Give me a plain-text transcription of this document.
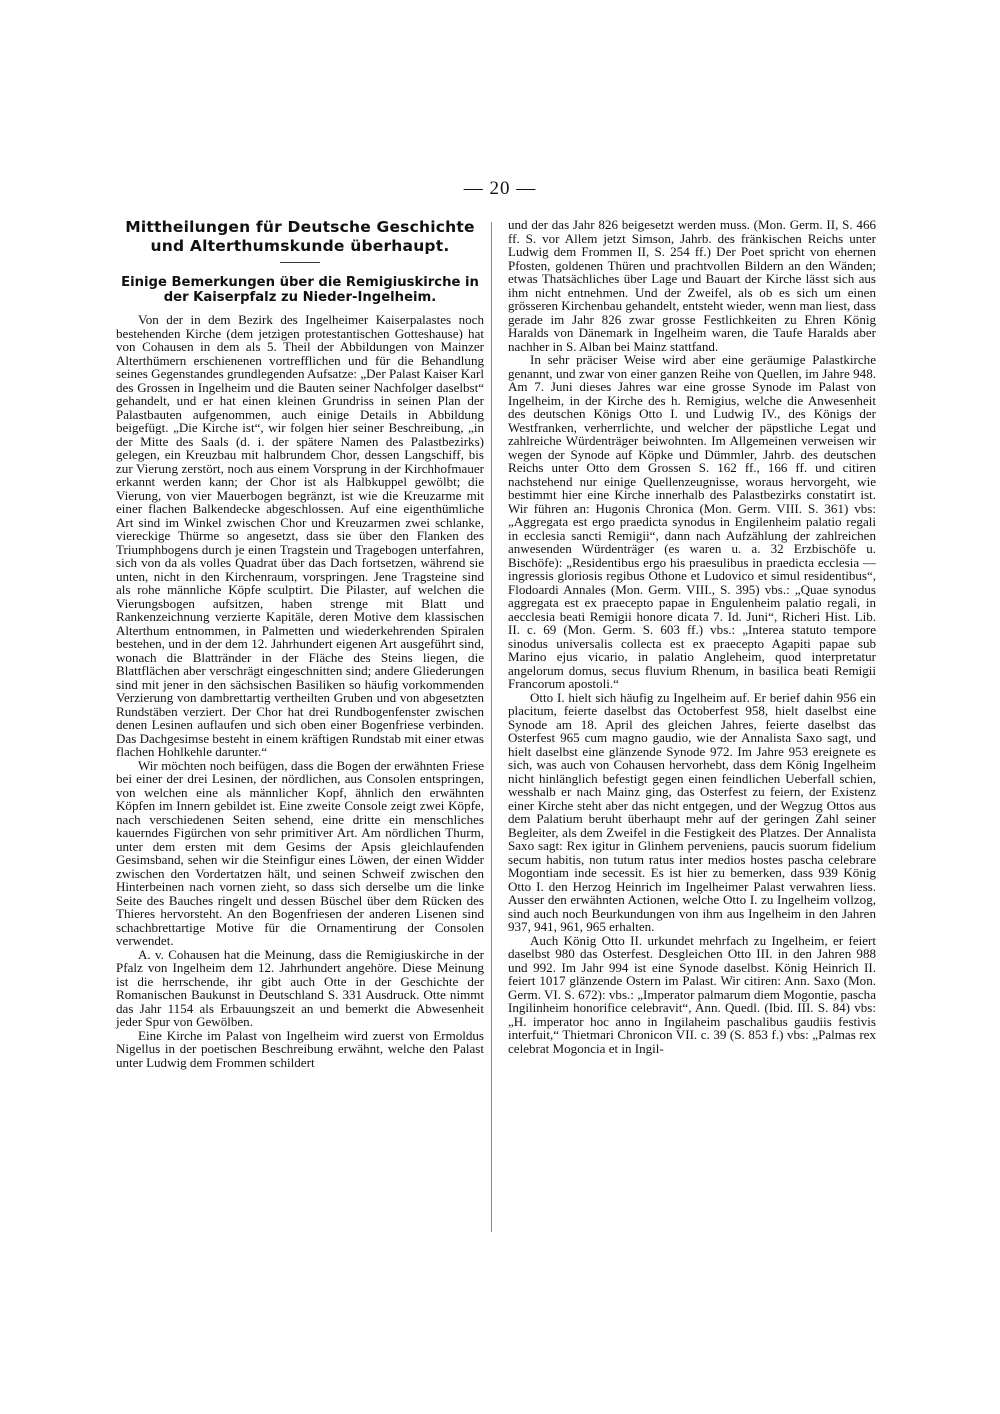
— 20 —
Mittheilungen für Deutsche Geschichte und Alterthumskunde überhaupt.
Einige Bemerkungen über die Remigiuskirche in der Kaiserpfalz zu Nieder-Ingelheim.

Von der in dem Bezirk des Ingelheimer Kaiserpalastes noch bestehenden Kirche (dem jetzigen protestantischen Gotteshause) hat von Cohausen in dem als 5. Theil der Abbildungen von Mainzer Alterthümern erschienenen vortrefflichen und für die Behandlung seines Gegenstandes grundlegenden Aufsatze: „Der Palast Kaiser Karl des Grossen in Ingelheim und die Bauten seiner Nachfolger daselbst“ gehandelt, und er hat einen kleinen Grundriss in seinen Plan der Palastbauten aufgenommen, auch einige Details in Abbildung beigefügt. „Die Kirche ist“, wir folgen hier seiner Beschreibung, „in der Mitte des Saals (d. i. der spätere Namen des Palastbezirks) gelegen, ein Kreuzbau mit halbrundem Chor, dessen Langschiff, bis zur Vierung zerstört, noch aus einem Vorsprung in der Kirchhofmauer erkannt werden kann; der Chor ist als Halbkuppel gewölbt; die Vierung, von vier Mauerbogen begränzt, ist wie die Kreuzarme mit einer flachen Balkendecke abgeschlossen. Auf eine eigenthümliche Art sind im Winkel zwischen Chor und Kreuzarmen zwei schlanke, viereckige Thürme so angesetzt, dass sie über den Flanken des Triumphbogens durch je einen Tragstein und Tragebogen unterfahren, sich von da als volles Quadrat über das Dach fortsetzen, während sie unten, nicht in den Kirchenraum, vorspringen. Jene Tragsteine sind als rohe männliche Köpfe sculptirt. Die Pilaster, auf welchen die Vierungsbogen aufsitzen, haben strenge mit Blatt und Rankenzeichnung verzierte Kapitäle, deren Motive dem klassischen Alterthum entnommen, in Palmetten und wiederkehrenden Spiralen bestehen, und in der dem 12. Jahrhundert eigenen Art ausgeführt sind, wonach die Blattränder in der Fläche des Steins liegen, die Blattflächen aber verschrägt eingeschnitten sind; andere Gliederungen sind mit jener in den sächsischen Basiliken so häufig vorkommenden Verzierung von dambrettartig vertheilten Gruben und von abgesetzten Rundstäben verziert. Der Chor hat drei Rundbogenfenster zwischen denen Lesinen auflaufen und sich oben einer Bogenfriese verbinden. Das Dachgesimse besteht in einem kräftigen Rundstab mit einer etwas flachen Hohlkehle darunter.“

Wir möchten noch beifügen, dass die Bogen der erwähnten Friese bei einer der drei Lesinen, der nördlichen, aus Consolen entspringen, von welchen eine als männlicher Kopf, ähnlich den erwähnten Köpfen im Innern gebildet ist. Eine zweite Console zeigt zwei Köpfe, nach verschiedenen Seiten sehend, eine dritte ein menschliches kauerndes Figürchen von sehr primitiver Art. Am nördlichen Thurm, unter dem ersten mit dem Gesims der Apsis gleichlaufenden Gesimsband, sehen wir die Steinfigur eines Löwen, der einen Widder zwischen den Vordertatzen hält, und seinen Schweif zwischen den Hinterbeinen nach vornen zieht, so dass sich derselbe um die linke Seite des Bauches ringelt und dessen Büschel über dem Rücken des Thieres hervorsteht. An den Bogenfriesen der anderen Lisenen sind schachbrettartige Motive für die Ornamentirung der Consolen verwendet.

A. v. Cohausen hat die Meinung, dass die Remigiuskirche in der Pfalz von Ingelheim dem 12. Jahrhundert angehöre. Diese Meinung ist die herrschende, ihr gibt auch Otte in der Geschichte der Romanischen Baukunst in Deutschland S. 331 Ausdruck. Otte nimmt das Jahr 1154 als Erbauungszeit an und bemerkt die Abwesenheit jeder Spur von Gewölben.

Eine Kirche im Palast von Ingelheim wird zuerst von Ermoldus Nigellus in der poetischen Beschreibung erwähnt, welche den Palast unter Ludwig dem Frommen schildert

und der das Jahr 826 beigesetzt werden muss. (Mon. Germ. II, S. 466 ff. S. vor Allem jetzt Simson, Jahrb. des fränkischen Reichs unter Ludwig dem Frommen II, S. 254 ff.) Der Poet spricht von ehernen Pfosten, goldenen Thüren und prachtvollen Bildern an den Wänden; etwas Thatsächliches über Lage und Bauart der Kirche lässt sich aus ihm nicht entnehmen. Und der Zweifel, als ob es sich um einen grösseren Kirchenbau gehandelt, entsteht wieder, wenn man liest, dass gerade im Jahr 826 zwar grosse Festlichkeiten zu Ehren König Haralds von Dänemark in Ingelheim waren, die Taufe Haralds aber nachher in S. Alban bei Mainz stattfand.

In sehr präciser Weise wird aber eine geräumige Palastkirche genannt, und zwar von einer ganzen Reihe von Quellen, im Jahre 948. Am 7. Juni dieses Jahres war eine grosse Synode im Palast von Ingelheim, in der Kirche des h. Remigius, welche die Anwesenheit des deutschen Königs Otto I. und Ludwig IV., des Königs der Westfranken, verherrlichte, und welcher der päpstliche Legat und zahlreiche Würdenträger beiwohnten. Im Allgemeinen verweisen wir wegen der Synode auf Köpke und Dümmler, Jahrb. des deutschen Reichs unter Otto dem Grossen S. 162 ff., 166 ff. und citiren nachstehend nur einige Quellenzeugnisse, woraus hervorgeht, wie bestimmt hier eine Kirche innerhalb des Palastbezirks constatirt ist. Wir führen an: Hugonis Chronica (Mon. Germ. VIII. S. 361) vbs: „Aggregata est ergo praedicta synodus in Engilenheim palatio regali in ecclesia sancti Remigii“, dann nach Aufzählung der zahlreichen anwesenden Würdenträger (es waren u. a. 32 Erzbischöfe u. Bischöfe): „Residentibus ergo his praesulibus in praedicta ecclesia — ingressis gloriosis regibus Othone et Ludovico et simul residentibus“, Flodoardi Annales (Mon. Germ. VIII., S. 395) vbs.: „Quae synodus aggregata est ex praecepto papae in Engulenheim palatio regali, in aecclesia beati Remigii honore dicata 7. Id. Juni“, Richeri Hist. Lib. II. c. 69 (Mon. Germ. S. 603 ff.) vbs.: „Interea statuto tempore sinodus universalis collecta est ex praecepto Agapiti papae sub Marino ejus vicario, in palatio Angleheim, quod interpretatur angelorum domus, secus fluvium Rhenum, in basilica beati Remigii Francorum apostoli.“

Otto I. hielt sich häufig zu Ingelheim auf. Er berief dahin 956 ein placitum, feierte daselbst das Octoberfest 958, hielt daselbst eine Synode am 18. April des gleichen Jahres, feierte daselbst das Osterfest 965 cum magno gaudio, wie der Annalista Saxo sagt, und hielt daselbst eine glänzende Synode 972. Im Jahre 953 ereignete es sich, was auch von Cohausen hervorhebt, dass dem König Ingelheim nicht hinlänglich befestigt gegen einen feindlichen Ueberfall schien, wesshalb er nach Mainz ging, das Osterfest zu feiern, der Existenz einer Kirche steht aber das nicht entgegen, und der Wegzug Ottos aus dem Palatium beruht überhaupt mehr auf der geringen Zahl seiner Begleiter, als dem Zweifel in die Festigkeit des Platzes. Der Annalista Saxo sagt: Rex igitur in Glinhem perveniens, paucis suorum fidelium secum habitis, non tutum ratus inter medios hostes pascha celebrare Mogontiam inde secessit. Es ist hier zu bemerken, dass 939 König Otto I. den Herzog Heinrich im Ingelheimer Palast verwahren liess. Ausser den erwähnten Actionen, welche Otto I. zu Ingelheim vollzog, sind auch noch Beurkundungen von ihm aus Ingelheim in den Jahren 937, 941, 961, 965 erhalten.

Auch König Otto II. urkundet mehrfach zu Ingelheim, er feiert daselbst 980 das Osterfest. Desgleichen Otto III. in den Jahren 988 und 992. Im Jahr 994 ist eine Synode daselbst. König Heinrich II. feiert 1017 glänzende Ostern im Palast. Wir citiren: Ann. Saxo (Mon. Germ. VI. S. 672): vbs.: „Imperator palmarum diem Mogontie, pascha Ingilinheim honorifice celebravit“, Ann. Quedl. (Ibid. III. S. 84) vbs: „H. imperator hoc anno in Ingilaheim paschalibus gaudiis festivis interfuit,“ Thietmari Chronicon VII. c. 39 (S. 853 f.) vbs: „Palmas rex celebrat Mogoncia et in Ingil-
